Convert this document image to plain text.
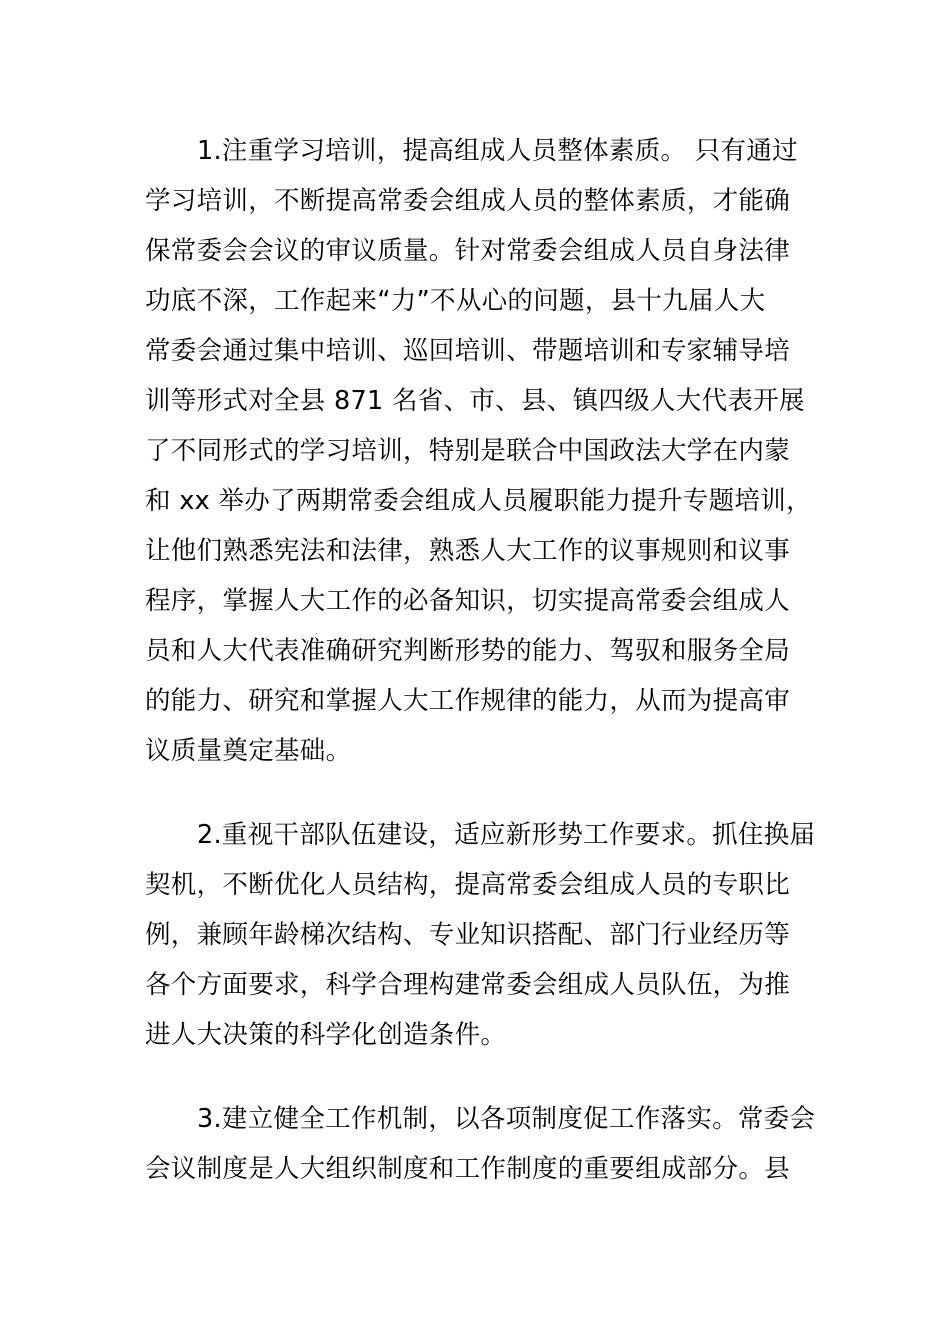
1.注重学习培训，提高组成人员整体素质。 只有通过
学习培训，不断提高常委会组成人员的整体素质，才能确
保常委会会议的审议质量。针对常委会组成人员自身法律
功底不深，工作起来“力”不从心的问题，县十九届人大
常委会通过集中培训、巡回培训、带题培训和专家辅导培
训等形式对全县 871 名省、市、县、镇四级人大代表开展
了不同形式的学习培训，特别是联合中国政法大学在内蒙
和 xx 举办了两期常委会组成人员履职能力提升专题培训，
让他们熟悉宪法和法律，熟悉人大工作的议事规则和议事
程序，掌握人大工作的必备知识，切实提高常委会组成人
员和人大代表准确研究判断形势的能力、驾驭和服务全局
的能力、研究和掌握人大工作规律的能力，从而为提高审
议质量奠定基础。

2.重视干部队伍建设，适应新形势工作要求。抓住换届
契机，不断优化人员结构，提高常委会组成人员的专职比
例，兼顾年龄梯次结构、专业知识搭配、部门行业经历等
各个方面要求，科学合理构建常委会组成人员队伍，为推
进人大决策的科学化创造条件。

3.建立健全工作机制，以各项制度促工作落实。常委会
会议制度是人大组织制度和工作制度的重要组成部分。县
